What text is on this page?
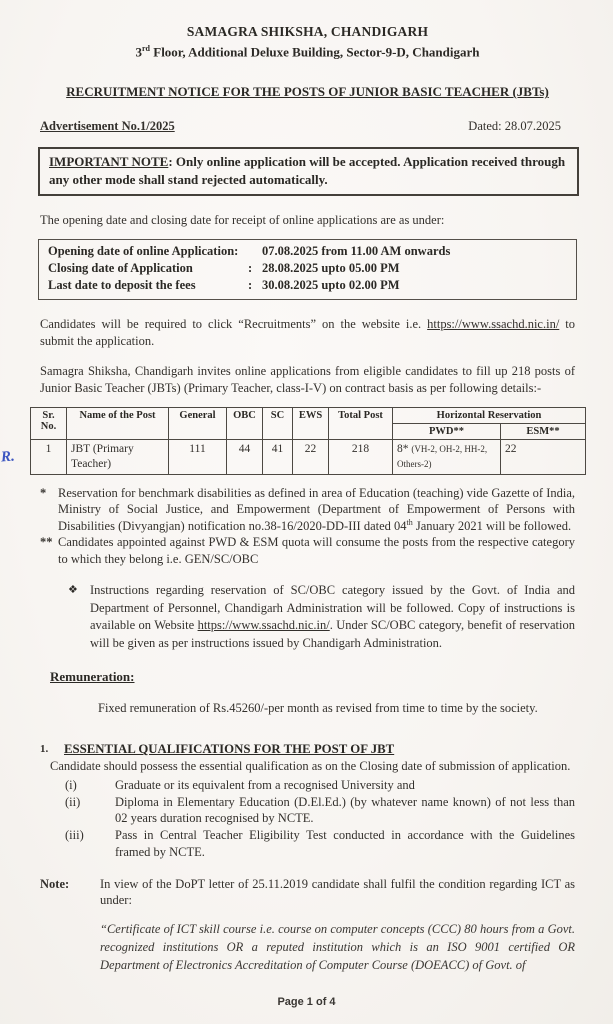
SAMAGRA SHIKSHA, CHANDIGARH
3rd Floor, Additional Deluxe Building, Sector-9-D, Chandigarh
RECRUITMENT NOTICE FOR THE POSTS OF JUNIOR BASIC TEACHER (JBTs)
Advertisement No.1/2025	Dated: 28.07.2025
IMPORTANT NOTE: Only online application will be accepted. Application received through any other mode shall stand rejected automatically.
The opening date and closing date for receipt of online applications are as under:
Opening date of online Application:	07.08.2025 from 11.00 AM onwards
Closing date of Application	: 28.08.2025 upto 05.00 PM
Last date to deposit the fees	: 30.08.2025 upto 02.00 PM
Candidates will be required to click “Recruitments” on the website i.e. https://www.ssachd.nic.in/ to submit the application.
Samagra Shiksha, Chandigarh invites online applications from eligible candidates to fill up 218 posts of Junior Basic Teacher (JBTs) (Primary Teacher, class-I-V) on contract basis as per following details:-
Sr. No.	Name of the Post	General	OBC	SC	EWS	Total Post	Horizontal Reservation	
							PWD**	ESM**
1	JBT (Primary Teacher)	111	44	41	22	218	8* (VH-2, OH-2, HH-2, Others-2)	22
* Reservation for benchmark disabilities as defined in area of Education (teaching) vide Gazette of India, Ministry of Social Justice, and Empowerment (Department of Empowerment of Persons with Disabilities (Divyangjan) notification no.38-16/2020-DD-III dated 04th January 2021 will be followed.
** Candidates appointed against PWD & ESM quota will consume the posts from the respective category to which they belong i.e. GEN/SC/OBC
❖ Instructions regarding reservation of SC/OBC category issued by the Govt. of India and Department of Personnel, Chandigarh Administration will be followed. Copy of instructions is available on Website https://www.ssachd.nic.in/. Under SC/OBC category, benefit of reservation will be given as per instructions issued by Chandigarh Administration.
Remuneration:
Fixed remuneration of Rs.45260/-per month as revised from time to time by the society.
1.	ESSENTIAL QUALIFICATIONS FOR THE POST OF JBT
Candidate should possess the essential qualification as on the Closing date of submission of application.
(i)	Graduate or its equivalent from a recognised University and
(ii)	Diploma in Elementary Education (D.El.Ed.) (by whatever name known) of not less than 02 years duration recognised by NCTE.
(iii)	Pass in Central Teacher Eligibility Test conducted in accordance with the Guidelines framed by NCTE.
Note:	In view of the DoPT letter of 25.11.2019 candidate shall fulfil the condition regarding ICT as under:
“Certificate of ICT skill course i.e. course on computer concepts (CCC) 80 hours from a Govt. recognized institutions OR a reputed institution which is an ISO 9001 certified OR Department of Electronics Accreditation of Computer Course (DOEACC) of Govt. of
R.
Page 1 of 4
